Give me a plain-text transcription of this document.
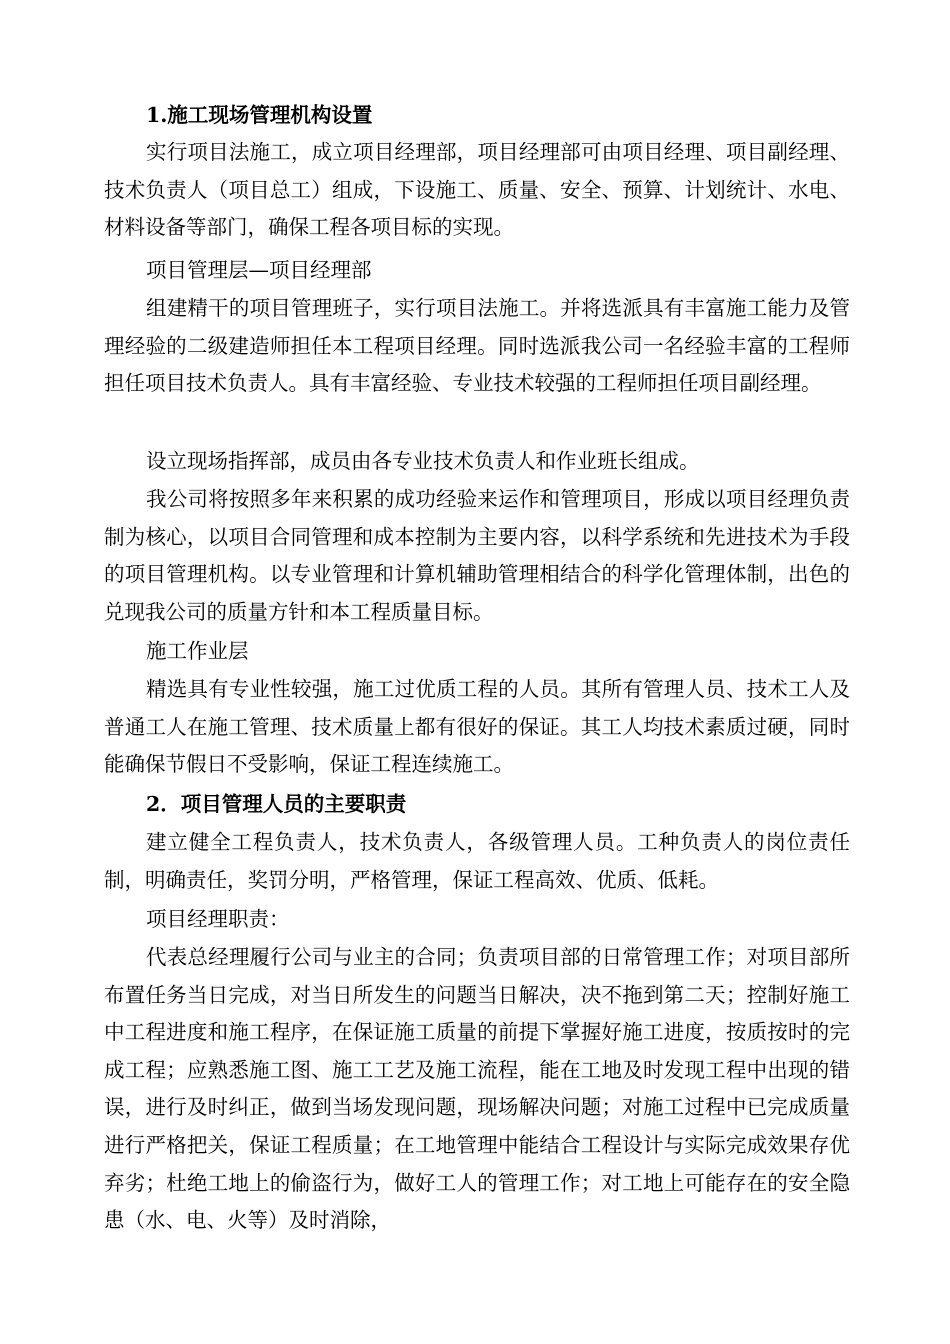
1.施工现场管理机构设置

实行项目法施工，成立项目经理部，项目经理部可由项目经理、项目副经理、技术负责人（项目总工）组成，下设施工、质量、安全、预算、计划统计、水电、材料设备等部门，确保工程各项目标的实现。

项目管理层—项目经理部

组建精干的项目管理班子，实行项目法施工。并将选派具有丰富施工能力及管理经验的二级建造师担任本工程项目经理。同时选派我公司一名经验丰富的工程师担任项目技术负责人。具有丰富经验、专业技术较强的工程师担任项目副经理。

设立现场指挥部，成员由各专业技术负责人和作业班长组成。

我公司将按照多年来积累的成功经验来运作和管理项目，形成以项目经理负责制为核心，以项目合同管理和成本控制为主要内容，以科学系统和先进技术为手段的项目管理机构。以专业管理和计算机辅助管理相结合的科学化管理体制，出色的兑现我公司的质量方针和本工程质量目标。

施工作业层

精选具有专业性较强，施工过优质工程的人员。其所有管理人员、技术工人及普通工人在施工管理、技术质量上都有很好的保证。其工人均技术素质过硬，同时能确保节假日不受影响，保证工程连续施工。

2．项目管理人员的主要职责

建立健全工程负责人，技术负责人，各级管理人员。工种负责人的岗位责任制，明确责任，奖罚分明，严格管理，保证工程高效、优质、低耗。

项目经理职责：

代表总经理履行公司与业主的合同；负责项目部的日常管理工作；对项目部所布置任务当日完成，对当日所发生的问题当日解决，决不拖到第二天；控制好施工中工程进度和施工程序，在保证施工质量的前提下掌握好施工进度，按质按时的完成工程；应熟悉施工图、施工工艺及施工流程，能在工地及时发现工程中出现的错误，进行及时纠正，做到当场发现问题，现场解决问题；对施工过程中已完成质量进行严格把关，保证工程质量；在工地管理中能结合工程设计与实际完成效果存优弃劣；杜绝工地上的偷盗行为，做好工人的管理工作；对工地上可能存在的安全隐患（水、电、火等）及时消除，
